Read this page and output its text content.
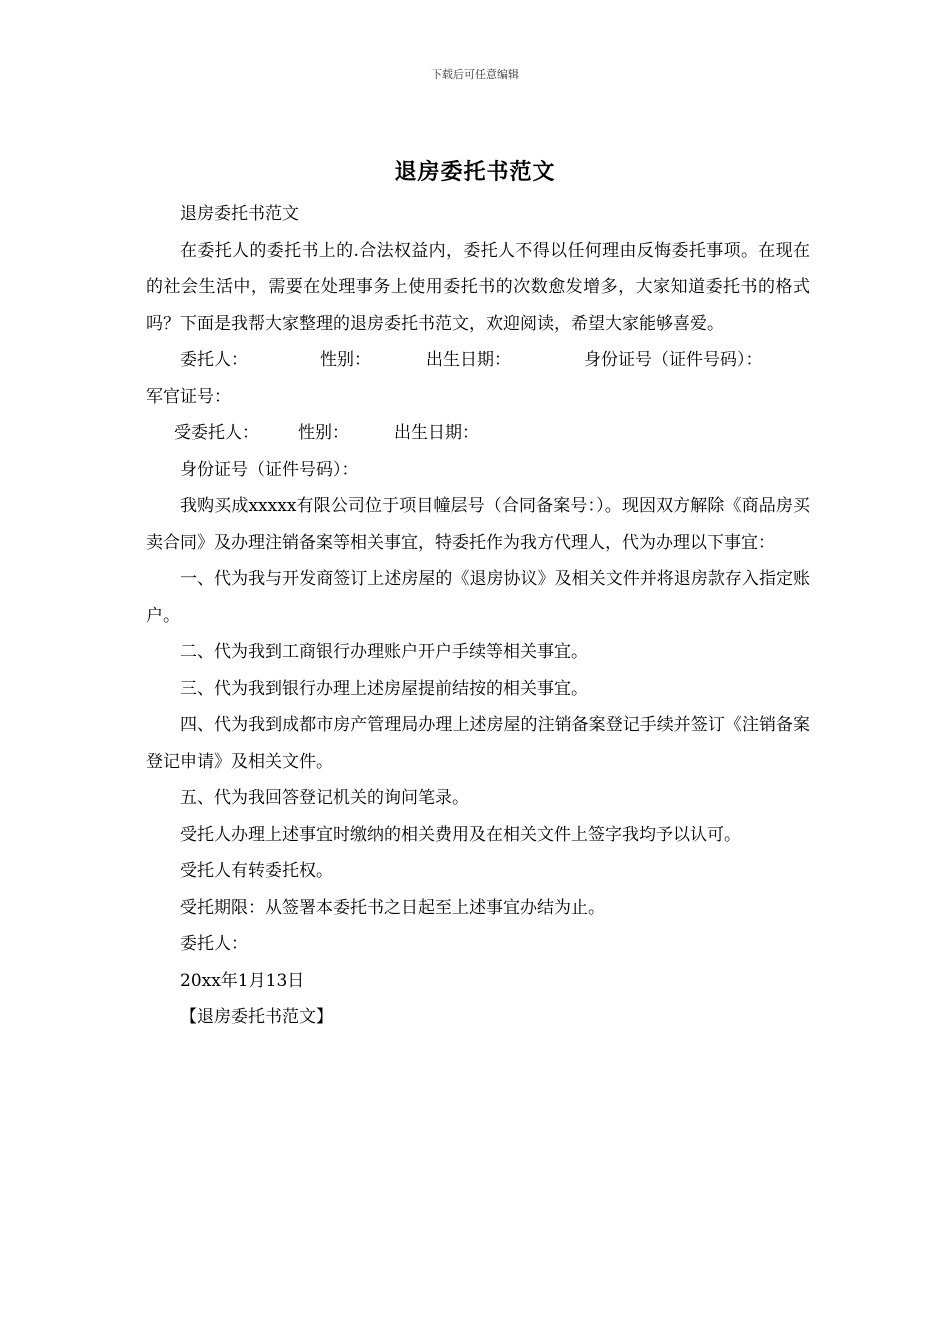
下载后可任意编辑
退房委托书范文

退房委托书范文

在委托人的委托书上的.合法权益内，委托人不得以任何理由反悔委托事项。在现在的社会生活中，需要在处理事务上使用委托书的次数愈发增多，大家知道委托书的格式吗？下面是我帮大家整理的退房委托书范文，欢迎阅读，希望大家能够喜爱。

委托人：	性别：	出生日期：	身份证号（证件号码）：

军官证号：

受委托人： 性别：	出生日期：

身份证号（证件号码）：

我购买成xxxxx有限公司位于项目幢层号（合同备案号：）。现因双方解除《商品房买卖合同》及办理注销备案等相关事宜，特委托作为我方代理人，代为办理以下事宜：

一、代为我与开发商签订上述房屋的《退房协议》及相关文件并将退房款存入指定账户。

二、代为我到工商银行办理账户开户手续等相关事宜。

三、代为我到银行办理上述房屋提前结按的相关事宜。

四、代为我到成都市房产管理局办理上述房屋的注销备案登记手续并签订《注销备案登记申请》及相关文件。

五、代为我回答登记机关的询问笔录。

受托人办理上述事宜时缴纳的相关费用及在相关文件上签字我均予以认可。

受托人有转委托权。

受托期限：从签署本委托书之日起至上述事宜办结为止。

委托人：

20xx年1月13日

【退房委托书范文】
